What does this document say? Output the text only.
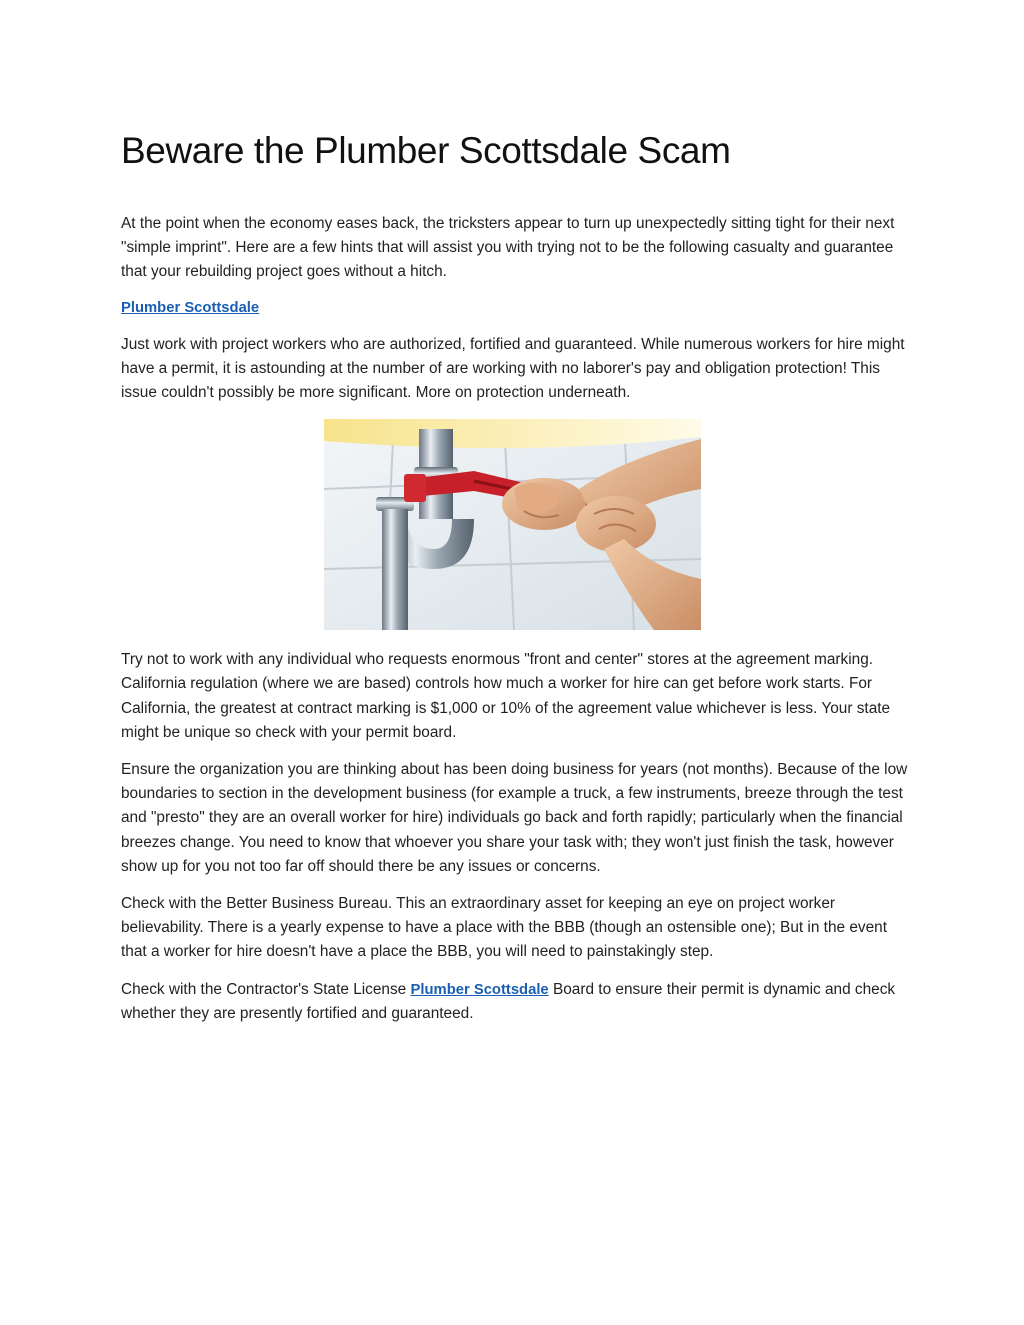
Beware the Plumber Scottsdale Scam

At the point when the economy eases back, the tricksters appear to turn up unexpectedly sitting tight for their next "simple imprint". Here are a few hints that will assist you with trying not to be the following casualty and guarantee that your rebuilding project goes without a hitch.

Plumber Scottsdale

Just work with project workers who are authorized, fortified and guaranteed. While numerous workers for hire might have a permit, it is astounding at the number of are working with no laborer's pay and obligation protection! This issue couldn't possibly be more significant. More on protection underneath.

Try not to work with any individual who requests enormous "front and center" stores at the agreement marking. California regulation (where we are based) controls how much a worker for hire can get before work starts. For California, the greatest at contract marking is $1,000 or 10% of the agreement value whichever is less. Your state might be unique so check with your permit board.

Ensure the organization you are thinking about has been doing business for years (not months). Because of the low boundaries to section in the development business (for example a truck, a few instruments, breeze through the test and "presto" they are an overall worker for hire) individuals go back and forth rapidly; particularly when the financial breezes change. You need to know that whoever you share your task with; they won't just finish the task, however show up for you not too far off should there be any issues or concerns.

Check with the Better Business Bureau. This an extraordinary asset for keeping an eye on project worker believability. There is a yearly expense to have a place with the BBB (though an ostensible one); But in the event that a worker for hire doesn't have a place the BBB, you will need to painstakingly step.

Check with the Contractor's State License Plumber Scottsdale Board to ensure their permit is dynamic and check whether they are presently fortified and guaranteed.
